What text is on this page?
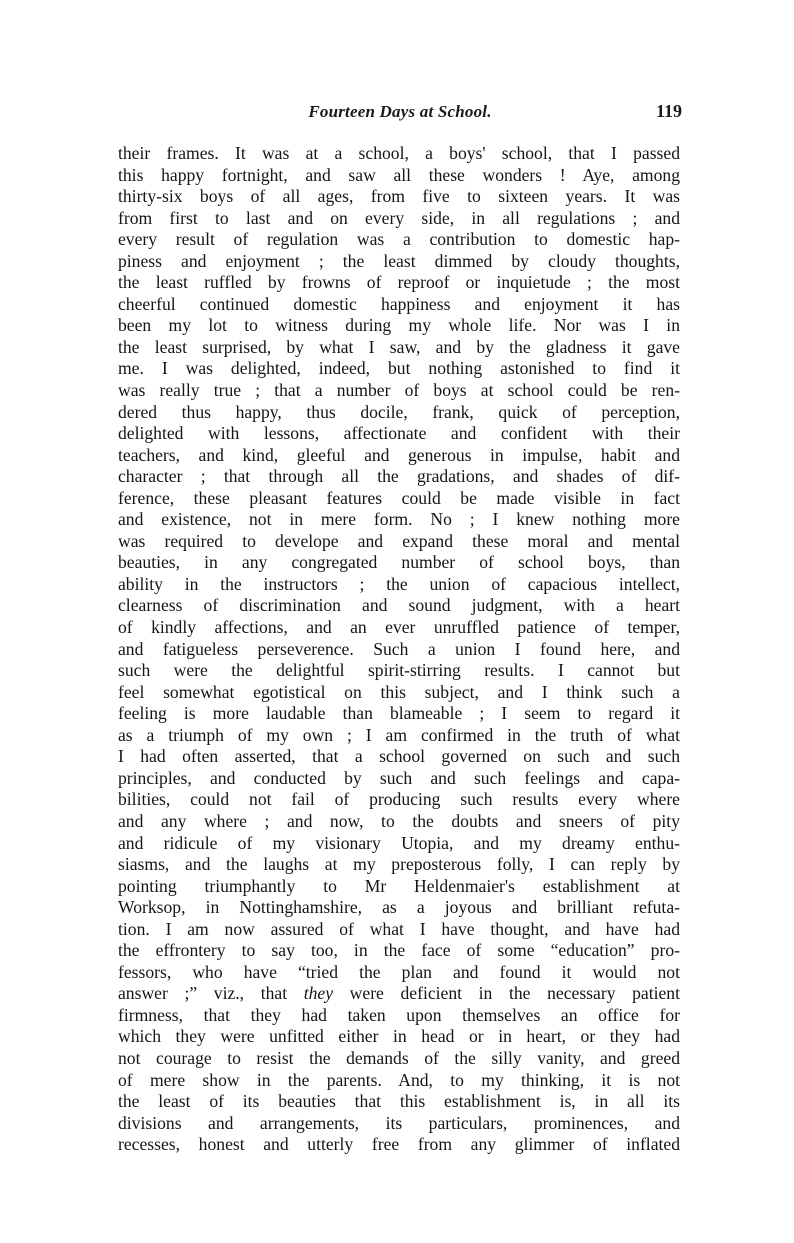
Fourteen Days at School.	119
their frames. It was at a school, a boys' school, that I passed
this happy fortnight, and saw all these wonders ! Aye, among
thirty-six boys of all ages, from five to sixteen years. It was
from first to last and on every side, in all regulations ; and
every result of regulation was a contribution to domestic hap-
piness and enjoyment ; the least dimmed by cloudy thoughts,
the least ruffled by frowns of reproof or inquietude ; the most
cheerful continued domestic happiness and enjoyment it has
been my lot to witness during my whole life. Nor was I in
the least surprised, by what I saw, and by the gladness it gave
me. I was delighted, indeed, but nothing astonished to find it
was really true ; that a number of boys at school could be ren-
dered thus happy, thus docile, frank, quick of perception,
delighted with lessons, affectionate and confident with their
teachers, and kind, gleeful and generous in impulse, habit and
character ; that through all the gradations, and shades of dif-
ference, these pleasant features could be made visible in fact
and existence, not in mere form. No ; I knew nothing more
was required to develope and expand these moral and mental
beauties, in any congregated number of school boys, than
ability in the instructors ; the union of capacious intellect,
clearness of discrimination and sound judgment, with a heart
of kindly affections, and an ever unruffled patience of temper,
and fatigueless perseverence. Such a union I found here, and
such were the delightful spirit-stirring results. I cannot but
feel somewhat egotistical on this subject, and I think such a
feeling is more laudable than blameable ; I seem to regard it
as a triumph of my own ; I am confirmed in the truth of what
I had often asserted, that a school governed on such and such
principles, and conducted by such and such feelings and capa-
bilities, could not fail of producing such results every where
and any where ; and now, to the doubts and sneers of pity
and ridicule of my visionary Utopia, and my dreamy enthu-
siasms, and the laughs at my preposterous folly, I can reply by
pointing triumphantly to Mr Heldenmaier's establishment at
Worksop, in Nottinghamshire, as a joyous and brilliant refuta-
tion. I am now assured of what I have thought, and have had
the effrontery to say too, in the face of some “education” pro-
fessors, who have “tried the plan and found it would not
answer ;” viz., that they were deficient in the necessary patient
firmness, that they had taken upon themselves an office for
which they were unfitted either in head or in heart, or they had
not courage to resist the demands of the silly vanity, and greed
of mere show in the parents. And, to my thinking, it is not
the least of its beauties that this establishment is, in all its
divisions and arrangements, its particulars, prominences, and
recesses, honest and utterly free from any glimmer of inflated
